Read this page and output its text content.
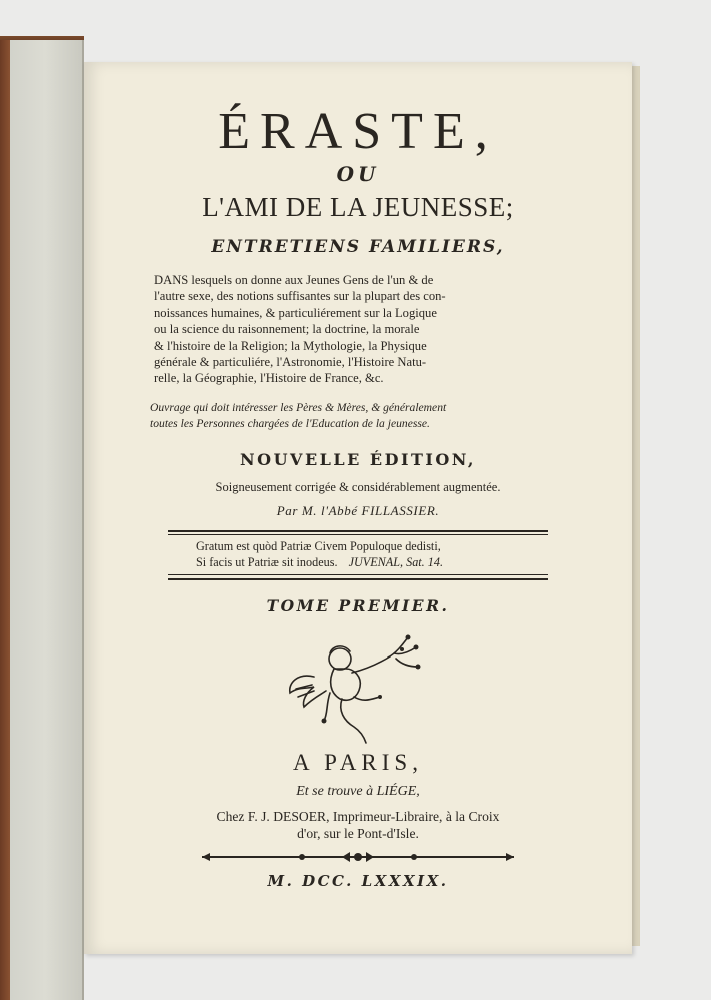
ÉRASTE,
OU
L'AMI DE LA JEUNESSE;
ENTRETIENS FAMILIERS,
DANS lesquels on donne aux Jeunes Gens de l'un & de
l'autre sexe, des notions suffisantes sur la plupart des con-
noissances humaines, & particuliérement sur la Logique
ou la science du raisonnement; la doctrine, la morale
& l'histoire de la Religion; la Mythologie, la Physique
générale & particuliére, l'Astronomie, l'Histoire Natu-
relle, la Géographie, l'Histoire de France, &c.
Ouvrage qui doit intéresser les Pères & Mères, & généralement
toutes les Personnes chargées de l'Education de la jeunesse.
NOUVELLE ÉDITION,
Soigneusement corrigée & considérablement augmentée.
Par M. l'Abbé FILLASSIER.
Gratum est quòd Patriæ Civem Populoque dedisti,
Si facis ut Patriæ sit inodeus. JUVENAL, Sat. 14.
TOME PREMIER.
A PARIS,
Et se trouve à LIÉGE,
Chez F. J. DESOER, Imprimeur-Libraire, à la Croix
d'or, sur le Pont-d'Isle.
M. DCC. LXXXIX.
